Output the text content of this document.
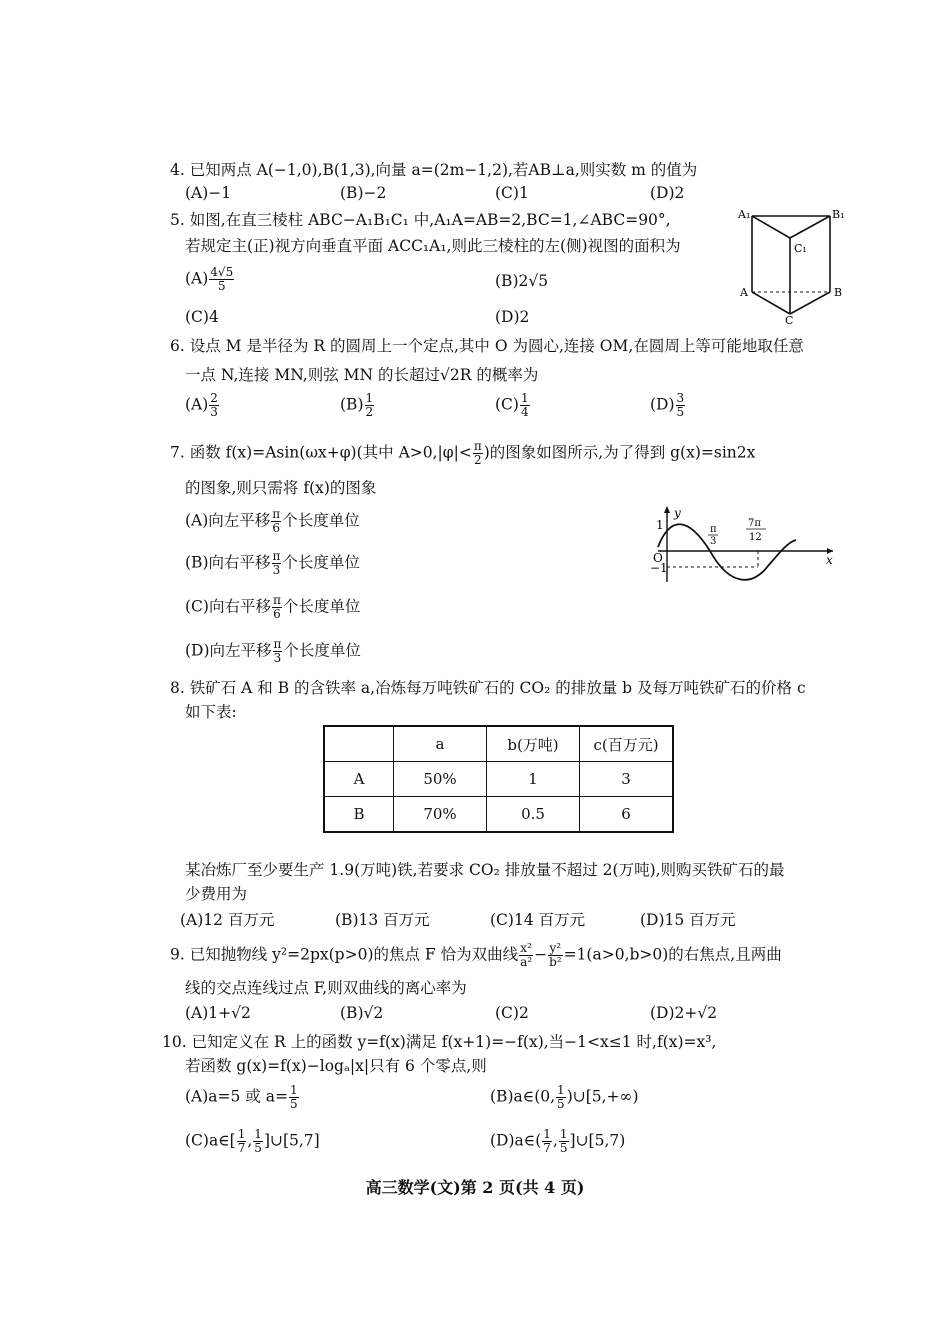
4. 已知两点 A(−1,0),B(1,3),向量 a=(2m−1,2),若AB⊥a,则实数 m 的值为
(A)−1	(B)−2	(C)1	(D)2
5. 如图,在直三棱柱 ABC−A₁B₁C₁ 中,A₁A=AB=2,BC=1,∠ABC=90°,
若规定主(正)视方向垂直平面 ACC₁A₁,则此三棱柱的左(侧)视图的面积为
$(A) \frac{4√5}{5}$	(B)2√5
(C)4	(D)2
A₁	B₁
C₁
A	B
C
6. 设点 M 是半径为 R 的圆周上一个定点,其中 O 为圆心,连接 OM,在圆周上等可能地取任意
一点 N,连接 MN,则弦 MN 的长超过√2R 的概率为
$(A) \frac{2}{3}$	$(B) \frac{1}{2}$	$(C) \frac{1}{4}$	$(D) \frac{3}{5}$
7. 函数 f(x)=Asin(ωx+φ)(其中 $A>0,|\varphi|< \frac{\pi}{2}$ )的图象如图所示,为了得到 g(x)=sin2x
的图象,则只需将 f(x)的图象
(A)向左平移 $\frac{\pi}{6}$ 个长度单位
(B)向右平移 $\frac{\pi}{3}$ 个长度单位
(C)向右平移 $\frac{\pi}{6}$ 个长度单位
(D)向左平移 $\frac{\pi}{3}$ 个长度单位
y
x
O
1
−1
π
3
7π
12
8. 铁矿石 A 和 B 的含铁率 a,冶炼每万吨铁矿石的 CO₂ 的排放量 b 及每万吨铁矿石的价格 c
如下表:
	a	b(万吨)	c(百万元)
A	50%	1	3
B	70%	0.5	6
某冶炼厂至少要生产 1.9(万吨)铁,若要求 CO₂ 排放量不超过 2(万吨),则购买铁矿石的最
少费用为
(A)12 百万元	(B)13 百万元	(C)14 百万元	(D)15 百万元
9. 已知抛物线 y²=2px(p>0)的焦点 F 恰为双曲线 $\frac{\text{x²}}{\text{a²}} - \frac{\text{y²}}{\text{b²}} =1(a>0,b>0)$的右焦点,且两曲
线的交点连线过点 F,则双曲线的离心率为
(A)1+√2	(B)√2	(C)2	(D)2+√2
10. 已知定义在 R 上的函数 y=f(x)满足 f(x+1)=−f(x),当−1<x≤1 时,f(x)=x³,
若函数 g(x)=f(x)−logₐ|x|只有 6 个零点,则
(A)a=5 或 $a= \frac{1}{5}$	(B)a∈(0, $\frac{1}{5}$ )∪[5,+∞)
(C)a∈[ $\frac{1}{7}$ , $\frac{1}{5}$ ]∪[5,7]	(D)a∈( $\frac{1}{7}$ , $\frac{1}{5}$ ]∪[5,7)
高三数学(文)第 2 页(共 4 页)
